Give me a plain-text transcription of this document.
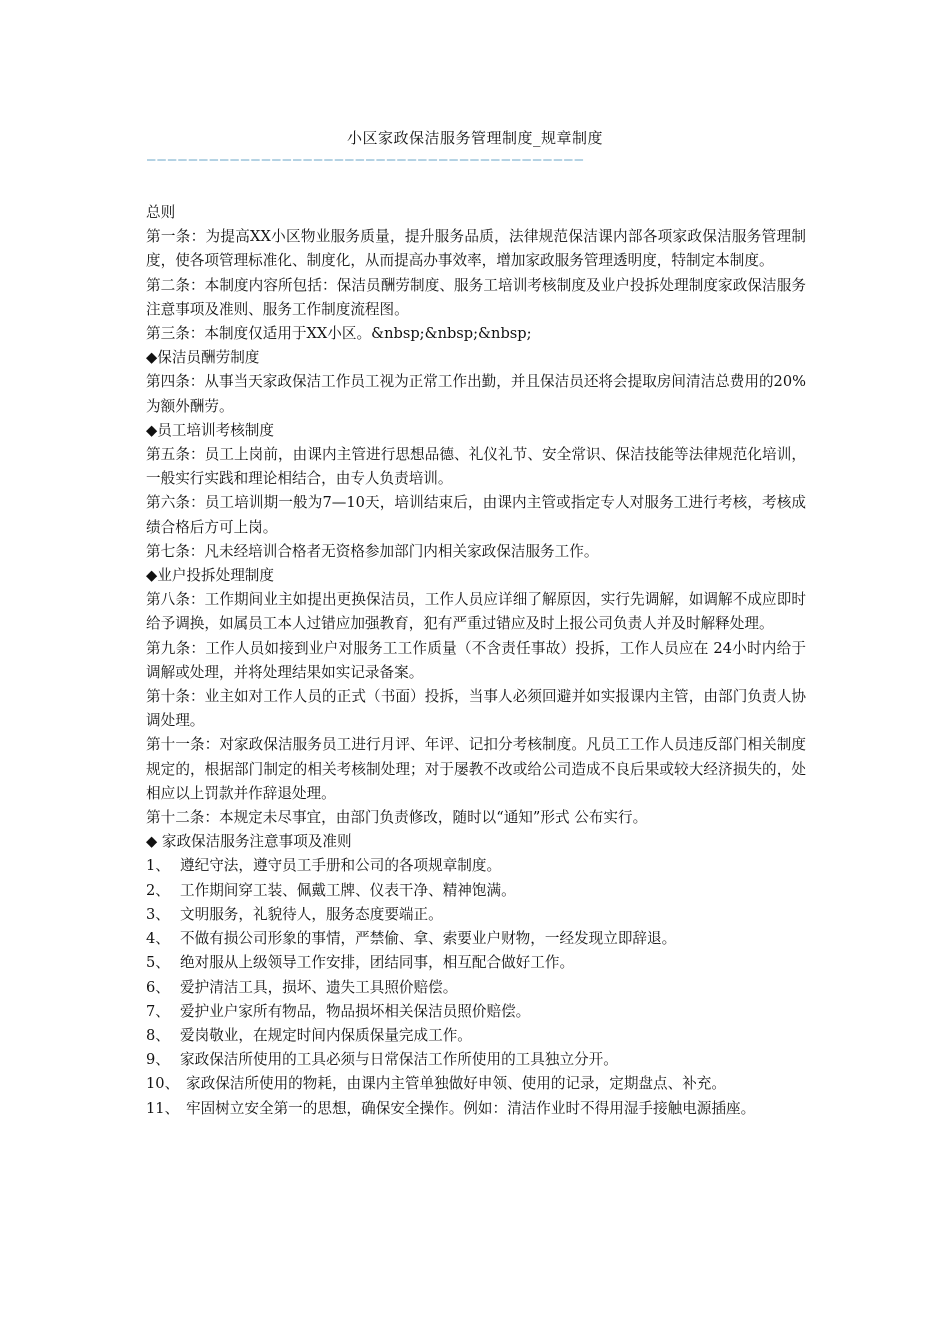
小区家政保洁服务管理制度_规章制度
——————————————————————————————————————————

总则

第一条：为提高XX小区物业服务质量，提升服务品质，法律规范保洁课内部各项家政保洁服务管理制度，使各项管理标准化、制度化，从而提高办事效率，增加家政服务管理透明度，特制定本制度。

第二条：本制度内容所包括：保洁员酬劳制度、服务工培训考核制度及业户投拆处理制度家政保洁服务注意事项及准则、服务工作制度流程图。

第三条：本制度仅适用于XX小区。&nbsp;&nbsp;&nbsp;

◆保洁员酬劳制度

第四条：从事当天家政保洁工作员工视为正常工作出勤，并且保洁员还将会提取房间清洁总费用的20%为额外酬劳。

◆员工培训考核制度

第五条：员工上岗前，由课内主管进行思想品德、礼仪礼节、安全常识、保洁技能等法律规范化培训，一般实行实践和理论相结合，由专人负责培训。

第六条：员工培训期一般为7—10天，培训结束后，由课内主管或指定专人对服务工进行考核，考核成绩合格后方可上岗。

第七条：凡未经培训合格者无资格参加部门内相关家政保洁服务工作。

◆业户投拆处理制度

第八条：工作期间业主如提出更换保洁员，工作人员应详细了解原因，实行先调解，如调解不成应即时给予调换，如属员工本人过错应加强教育，犯有严重过错应及时上报公司负责人并及时解释处理。

第九条：工作人员如接到业户对服务工工作质量（不含责任事故）投拆，工作人员应在 24小时内给于调解或处理，并将处理结果如实记录备案。

第十条：业主如对工作人员的正式（书面）投拆，当事人必须回避并如实报课内主管，由部门负责人协调处理。

第十一条：对家政保洁服务员工进行月评、年评、记扣分考核制度。凡员工工作人员违反部门相关制度规定的，根据部门制定的相关考核制处理；对于屡教不改或给公司造成不良后果或较大经济损失的，处相应以上罚款并作辞退处理。

第十二条：本规定未尽事宜，由部门负责修改，随时以“通知”形式 公布实行。

◆ 家政保洁服务注意事项及准则

1、 遵纪守法，遵守员工手册和公司的各项规章制度。
2、 工作期间穿工装、佩戴工牌、仪表干净、精神饱满。
3、 文明服务，礼貌待人，服务态度要端正。
4、 不做有损公司形象的事情，严禁偷、拿、索要业户财物，一经发现立即辞退。
5、 绝对服从上级领导工作安排，团结同事，相互配合做好工作。
6、 爱护清洁工具，损坏、遗失工具照价赔偿。
7、 爱护业户家所有物品，物品损坏相关保洁员照价赔偿。
8、 爱岗敬业，在规定时间内保质保量完成工作。
9、 家政保洁所使用的工具必须与日常保洁工作所使用的工具独立分开。
10、 家政保洁所使用的物耗，由课内主管单独做好申领、使用的记录，定期盘点、补充。
11、 牢固树立安全第一的思想，确保安全操作。例如：清洁作业时不得用湿手接触电源插座。
